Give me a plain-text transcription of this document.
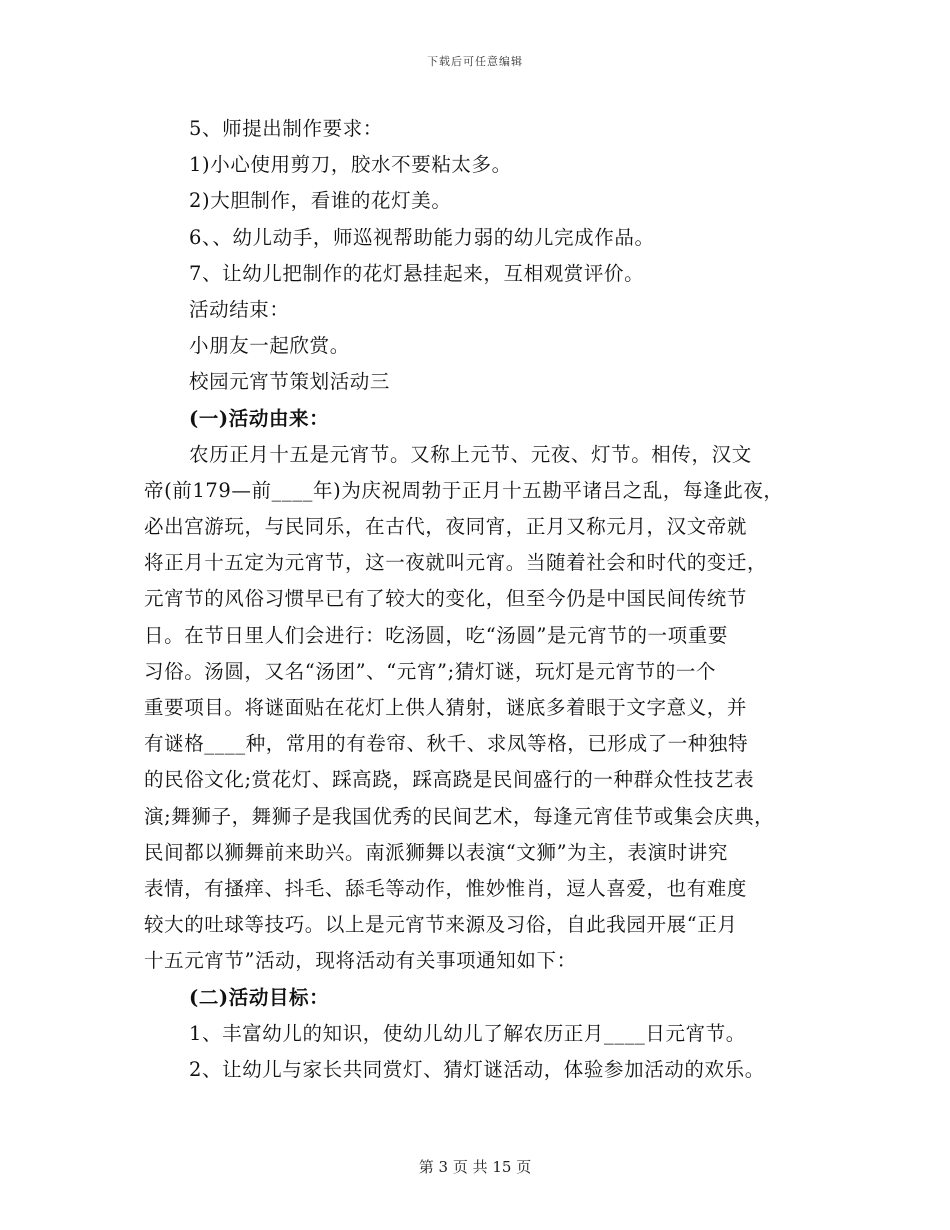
下载后可任意编辑
5、师提出制作要求：
1)小心使用剪刀，胶水不要粘太多。
2)大胆制作，看谁的花灯美。
6、、幼儿动手，师巡视帮助能力弱的幼儿完成作品。
7、让幼儿把制作的花灯悬挂起来，互相观赏评价。
活动结束：
小朋友一起欣赏。
校园元宵节策划活动三
(一)活动由来：
农历正月十五是元宵节。又称上元节、元夜、灯节。相传，汉文
帝(前179—前____年)为庆祝周勃于正月十五勘平诸吕之乱，每逢此夜，
必出宫游玩，与民同乐，在古代，夜同宵，正月又称元月，汉文帝就
将正月十五定为元宵节，这一夜就叫元宵。当随着社会和时代的变迁，
元宵节的风俗习惯早已有了较大的变化，但至今仍是中国民间传统节
日。在节日里人们会进行：吃汤圆，吃“汤圆”是元宵节的一项重要
习俗。汤圆，又名“汤团”、“元宵”;猜灯谜，玩灯是元宵节的一个
重要项目。将谜面贴在花灯上供人猜射，谜底多着眼于文字意义，并
有谜格____种，常用的有卷帘、秋千、求凤等格，已形成了一种独特
的民俗文化;赏花灯、踩高跷，踩高跷是民间盛行的一种群众性技艺表
演;舞狮子，舞狮子是我国优秀的民间艺术，每逢元宵佳节或集会庆典，
民间都以狮舞前来助兴。南派狮舞以表演“文狮”为主，表演时讲究
表情，有搔痒、抖毛、舔毛等动作，惟妙惟肖，逗人喜爱，也有难度
较大的吐球等技巧。以上是元宵节来源及习俗，自此我园开展“正月
十五元宵节”活动，现将活动有关事项通知如下：
(二)活动目标：
1、丰富幼儿的知识，使幼儿幼儿了解农历正月____日元宵节。
2、让幼儿与家长共同赏灯、猜灯谜活动，体验参加活动的欢乐。
第 3 页 共 15 页
